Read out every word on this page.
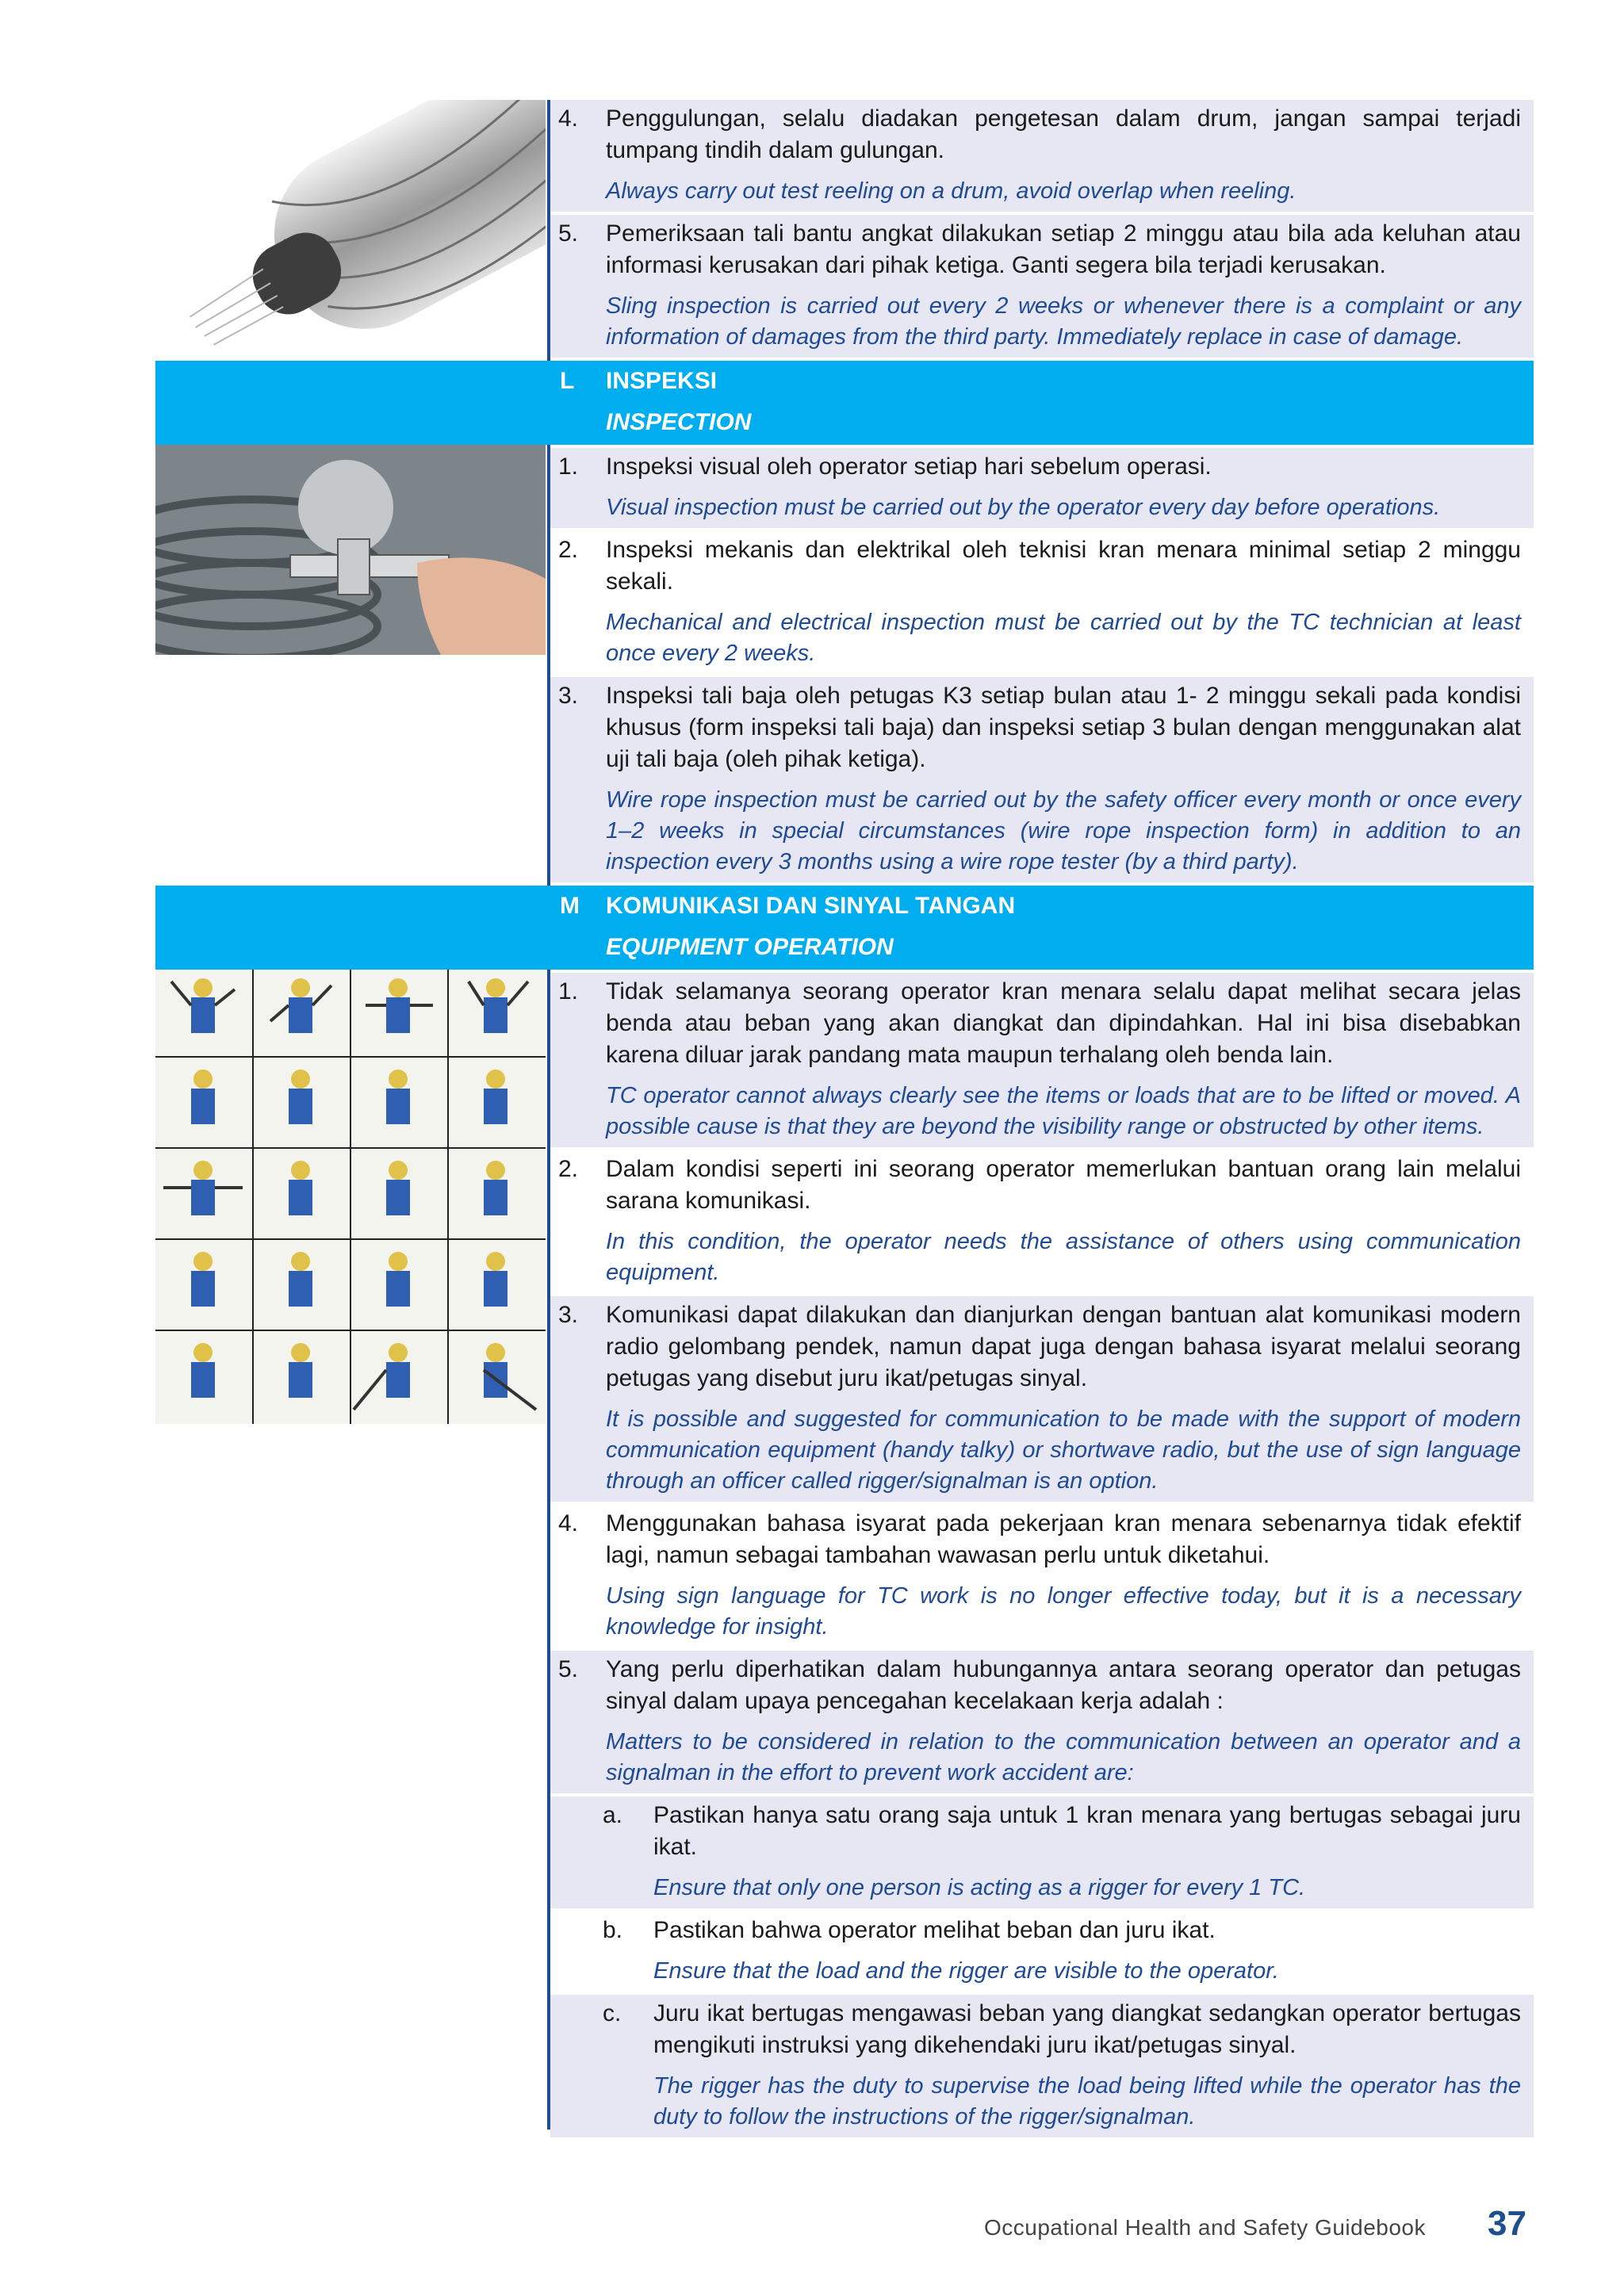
4. Penggulungan, selalu diadakan pengetesan dalam drum, jangan sampai terjadi tumpang tindih dalam gulungan.
Always carry out test reeling on a drum, avoid overlap when reeling.
5. Pemeriksaan tali bantu angkat dilakukan setiap 2 minggu atau bila ada keluhan atau informasi kerusakan dari pihak ketiga. Ganti segera bila terjadi kerusakan.
Sling inspection is carried out every 2 weeks or whenever there is a complaint or any information of damages from the third party. Immediately replace in case of damage.
L INSPEKSI
INSPECTION
1. Inspeksi visual oleh operator setiap hari sebelum operasi.
Visual inspection must be carried out by the operator every day before operations.
2. Inspeksi mekanis dan elektrikal oleh teknisi kran menara minimal setiap 2 minggu sekali.
Mechanical and electrical inspection must be carried out by the TC technician at least once every 2 weeks.
3. Inspeksi tali baja oleh petugas K3 setiap bulan atau 1- 2 minggu sekali pada kondisi khusus (form inspeksi tali baja) dan inspeksi setiap 3 bulan dengan menggunakan alat uji tali baja (oleh pihak ketiga).
Wire rope inspection must be carried out by the safety officer every month or once every 1–2 weeks in special circumstances (wire rope inspection form) in addition to an inspection every 3 months using a wire rope tester (by a third party).
M KOMUNIKASI DAN SINYAL TANGAN
EQUIPMENT OPERATION
1. Tidak selamanya seorang operator kran menara selalu dapat melihat secara jelas benda atau beban yang akan diangkat dan dipindahkan. Hal ini bisa disebabkan karena diluar jarak pandang mata maupun terhalang oleh benda lain.
TC operator cannot always clearly see the items or loads that are to be lifted or moved. A possible cause is that they are beyond the visibility range or obstructed by other items.
2. Dalam kondisi seperti ini seorang operator memerlukan bantuan orang lain melalui sarana komunikasi.
In this condition, the operator needs the assistance of others using communication equipment.
3. Komunikasi dapat dilakukan dan dianjurkan dengan bantuan alat komunikasi modern radio gelombang pendek, namun dapat juga dengan bahasa isyarat melalui seorang petugas yang disebut juru ikat/petugas sinyal.
It is possible and suggested for communication to be made with the support of modern communication equipment (handy talky) or shortwave radio, but the use of sign language through an officer called rigger/signalman is an option.
4. Menggunakan bahasa isyarat pada pekerjaan kran menara sebenarnya tidak efektif lagi, namun sebagai tambahan wawasan perlu untuk diketahui.
Using sign language for TC work is no longer effective today, but it is a necessary knowledge for insight.
5. Yang perlu diperhatikan dalam hubungannya antara seorang operator dan petugas sinyal dalam upaya pencegahan kecelakaan kerja adalah :
Matters to be considered in relation to the communication between an operator and a signalman in the effort to prevent work accident are:
a. Pastikan hanya satu orang saja untuk 1 kran menara yang bertugas sebagai juru ikat.
Ensure that only one person is acting as a rigger for every 1 TC.
b. Pastikan bahwa operator melihat beban dan juru ikat.
Ensure that the load and the rigger are visible to the operator.
c. Juru ikat bertugas mengawasi beban yang diangkat sedangkan operator bertugas mengikuti instruksi yang dikehendaki juru ikat/petugas sinyal.
The rigger has the duty to supervise the load being lifted while the operator has the duty to follow the instructions of the rigger/signalman.
Occupational Health and Safety Guidebook 37
